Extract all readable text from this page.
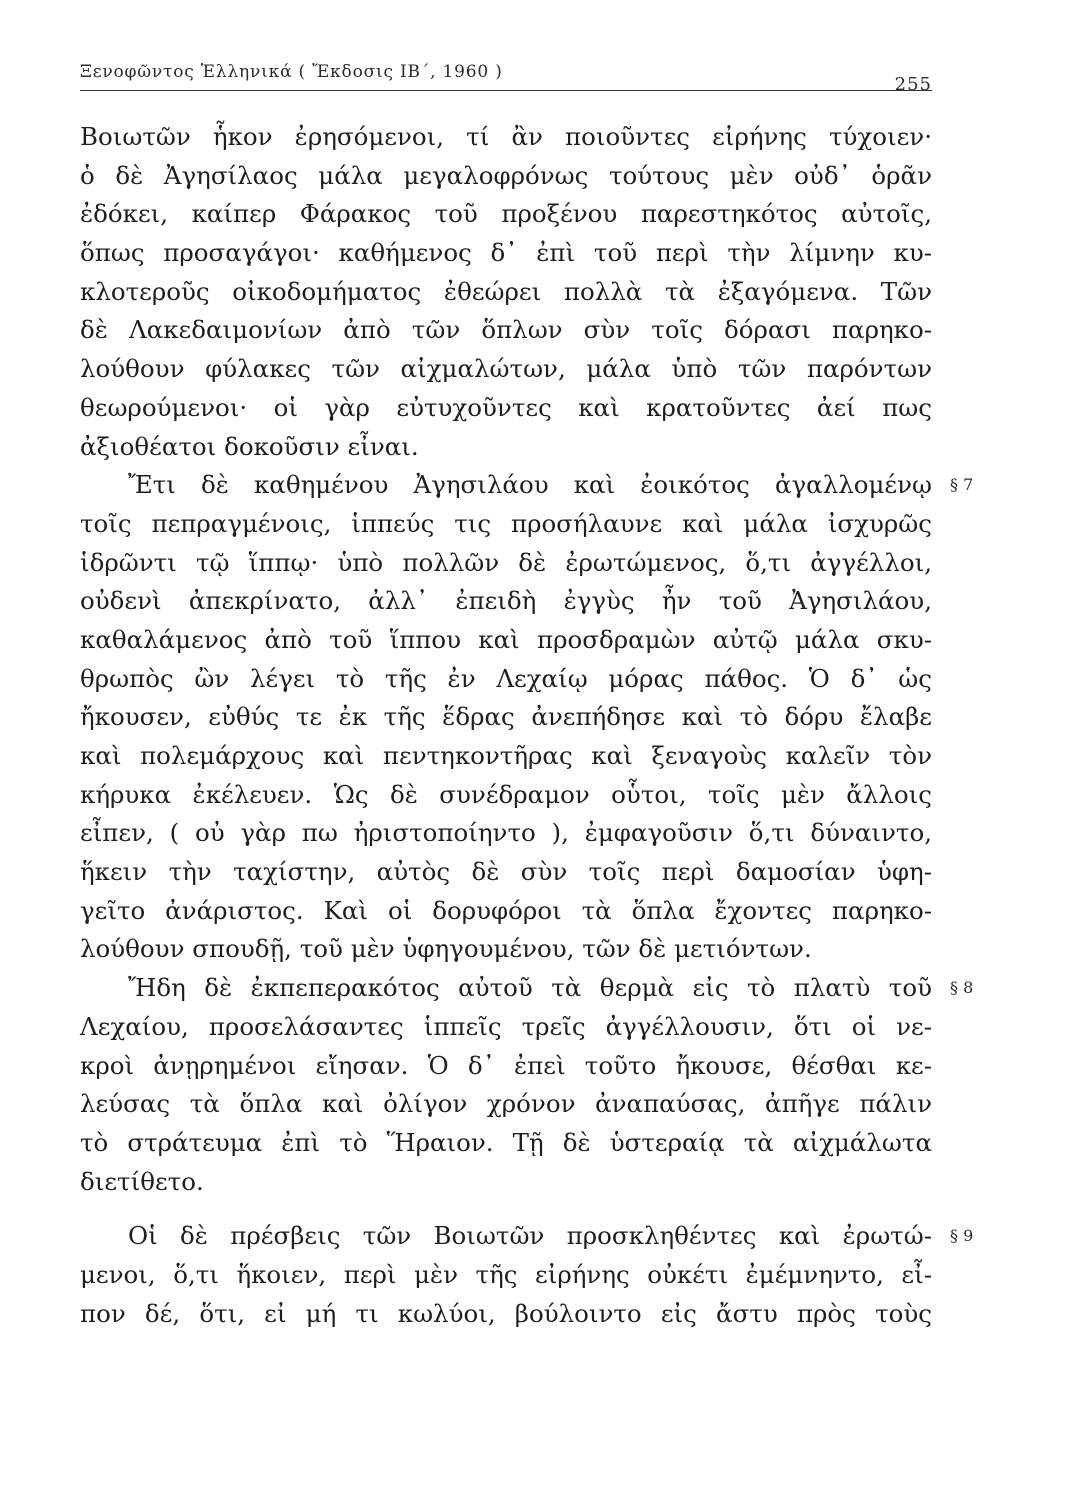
Ξενοφῶντος Ἑλληνικά ( Ἔκδοσις ΙΒ΄, 1960 )
255
Βοιωτῶν ἧκον ἐρησόμενοι, τί ἂν ποιοῦντες εἰρήνης τύχοιεν·
ὁ δὲ Ἀγησίλαος μάλα μεγαλοφρόνως τούτους μὲν οὐδ᾽ ὁρᾶν
ἐδόκει, καίπερ Φάρακος τοῦ προξένου παρεστηκότος αὐτοῖς,
ὅπως προσαγάγοι· καθήμενος δ᾽ ἐπὶ τοῦ περὶ τὴν λίμνην κυ-
κλοτεροῦς οἰκοδομήματος ἐθεώρει πολλὰ τὰ ἐξαγόμενα. Τῶν
δὲ Λακεδαιμονίων ἀπὸ τῶν ὅπλων σὺν τοῖς δόρασι παρηκο-
λούθουν φύλακες τῶν αἰχμαλώτων, μάλα ὑπὸ τῶν παρόντων
θεωρούμενοι· οἱ γὰρ εὐτυχοῦντες καὶ κρατοῦντες ἀεί πως
ἀξιοθέατοι δοκοῦσιν εἶναι.
Ἔτι δὲ καθημένου Ἀγησιλάου καὶ ἐοικότος ἀγαλλομένῳ § 7
τοῖς πεπραγμένοις, ἱππεύς τις προσήλαυνε καὶ μάλα ἰσχυρῶς
ἱδρῶντι τῷ ἵππῳ· ὑπὸ πολλῶν δὲ ἐρωτώμενος, ὅ,τι ἀγγέλλοι,
οὐδενὶ ἀπεκρίνατο, ἀλλ᾽ ἐπειδὴ ἐγγὺς ἦν τοῦ Ἀγησιλάου,
καθαλάμενος ἀπὸ τοῦ ἵππου καὶ προσδραμὼν αὐτῷ μάλα σκυ-
θρωπὸς ὢν λέγει τὸ τῆς ἐν Λεχαίῳ μόρας πάθος. Ὁ δ᾽ ὡς
ἤκουσεν, εὐθύς τε ἐκ τῆς ἕδρας ἀνεπήδησε καὶ τὸ δόρυ ἔλαβε
καὶ πολεμάρχους καὶ πεντηκοντῆρας καὶ ξεναγοὺς καλεῖν τὸν
κήρυκα ἐκέλευεν. Ὡς δὲ συνέδραμον οὗτοι, τοῖς μὲν ἄλλοις
εἶπεν, ( οὐ γὰρ πω ἠριστοποίηντο ), ἐμφαγοῦσιν ὅ,τι δύναιντο,
ἥκειν τὴν ταχίστην, αὐτὸς δὲ σὺν τοῖς περὶ δαμοσίαν ὑφη-
γεῖτο ἀνάριστος. Καὶ οἱ δορυφόροι τὰ ὅπλα ἔχοντες παρηκο-
λούθουν σπουδῇ, τοῦ μὲν ὑφηγουμένου, τῶν δὲ μετιόντων.
Ἤδη δὲ ἐκπεπερακότος αὐτοῦ τὰ θερμὰ εἰς τὸ πλατὺ τοῦ § 8
Λεχαίου, προσελάσαντες ἱππεῖς τρεῖς ἀγγέλλουσιν, ὅτι οἱ νε-
κροὶ ἀνῃρημένοι εἴησαν. Ὁ δ᾽ ἐπεὶ τοῦτο ἤκουσε, θέσθαι κε-
λεύσας τὰ ὅπλα καὶ ὀλίγον χρόνον ἀναπαύσας, ἀπῆγε πάλιν
τὸ στράτευμα ἐπὶ τὸ Ἥραιον. Τῇ δὲ ὑστεραίᾳ τὰ αἰχμάλωτα
διετίθετο.
Οἱ δὲ πρέσβεις τῶν Βοιωτῶν προσκληθέντες καὶ ἐρωτώ- § 9
μενοι, ὅ,τι ἥκοιεν, περὶ μὲν τῆς εἰρήνης οὐκέτι ἐμέμνηντο, εἶ-
πον δέ, ὅτι, εἰ μή τι κωλύοι, βούλοιντο εἰς ἄστυ πρὸς τοὺς
